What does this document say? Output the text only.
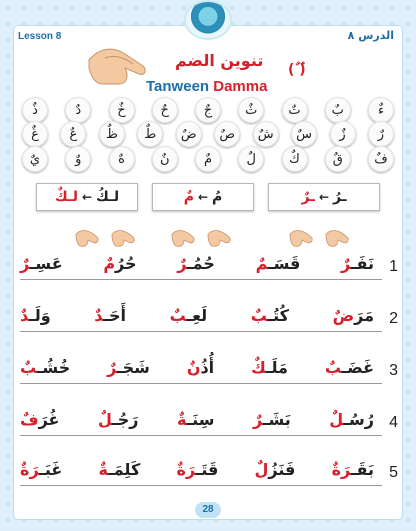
Lesson 8	الدرس ٨
تنوين الضم
Tanween Damma
(ٌ ٌ)
ءٌ
بٌ
تٌ
ثٌ
جٌ
حٌ
خٌ
دٌ
ذٌ
رٌ
زٌ
سٌ
شٌ
صٌ
ضٌ
طٌ
ظٌ
عٌ
غٌ
فٌ
قٌ
كٌ
لٌ
مٌ
نٌ
هٌ
وٌ
يٌ
ـرُ
←
ـرٌ
مُ
←
مٌ
لـكُ
←
لـكٌ
1
نَفَـرٌ
قَسَـمٌ
حُمُـرٌ
حُرُمٌ
عَسِـرٌ
2
مَرَضٌ
كُتُـبٌ
لَعِـبٌ
أَحَـدٌ
وَلَـدٌ
3
غَضَـبٌ
مَلَـكٌ
أُذُنٌ
شَجَـرٌ
خُشُـبٌ
4
رُسُـلٌ
بَشَـرٌ
سِنَـةٌ
رَجُـلٌ
غُرَفٌ
5
بَقَـرَةٌ
فَنَزُلٌ
قَتَـرَةٌ
كَلِمَـةٌ
غَبَـرَةٌ
28
